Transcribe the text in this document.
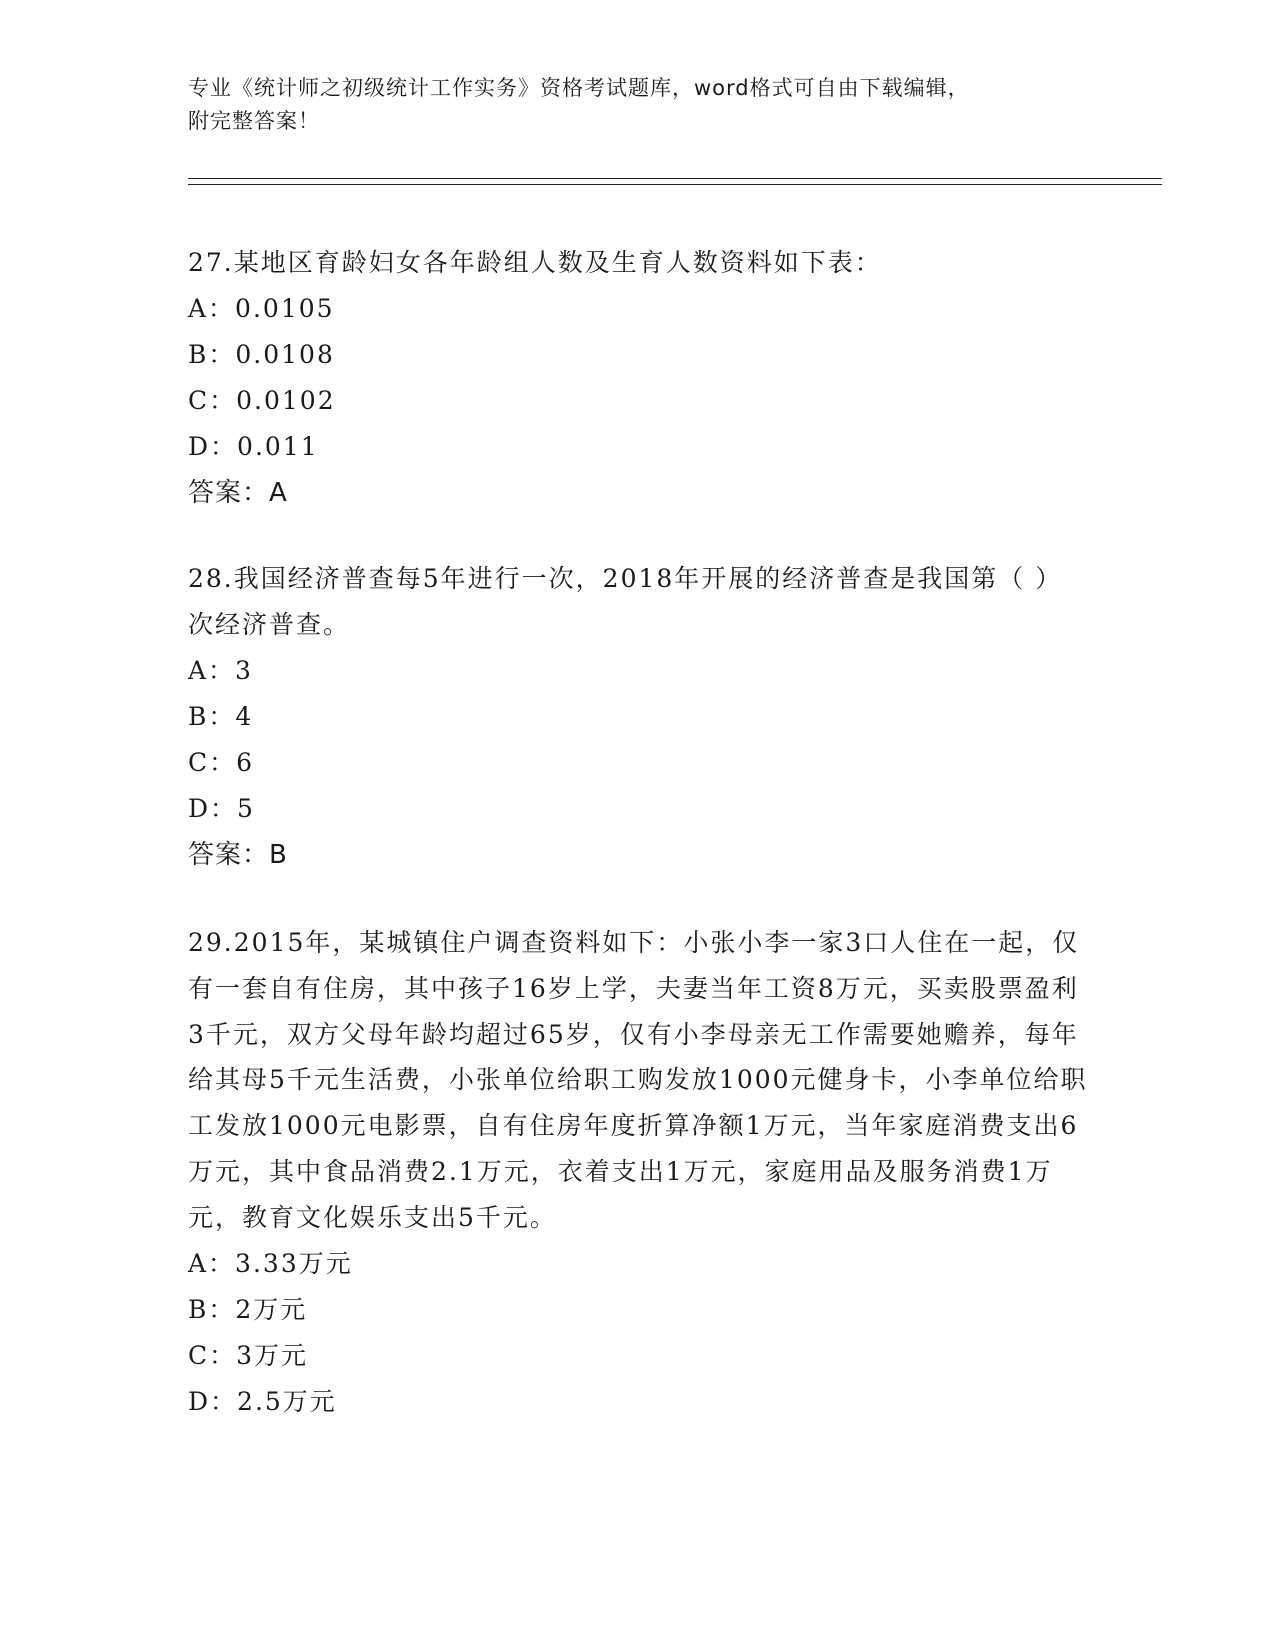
专业《统计师之初级统计工作实务》资格考试题库，word格式可自由下载编辑，
附完整答案！

27.某地区育龄妇女各年龄组人数及生育人数资料如下表：

A：0.0105

B：0.0108

C：0.0102

D：0.011

答案：A

28.我国经济普查每5年进行一次，2018年开展的经济普查是我国第（ ）次经济普查。

A：3

B：4

C：6

D：5

答案：B

29.2015年，某城镇住户调查资料如下：小张小李一家3口人住在一起，仅有一套自有住房，其中孩子16岁上学，夫妻当年工资8万元，买卖股票盈利3千元，双方父母年龄均超过65岁，仅有小李母亲无工作需要她赡养，每年给其母5千元生活费，小张单位给职工购发放1000元健身卡，小李单位给职工发放1000元电影票，自有住房年度折算净额1万元，当年家庭消费支出6万元，其中食品消费2.1万元，衣着支出1万元，家庭用品及服务消费1万元，教育文化娱乐支出5千元。

A：3.33万元

B：2万元

C：3万元

D：2.5万元
